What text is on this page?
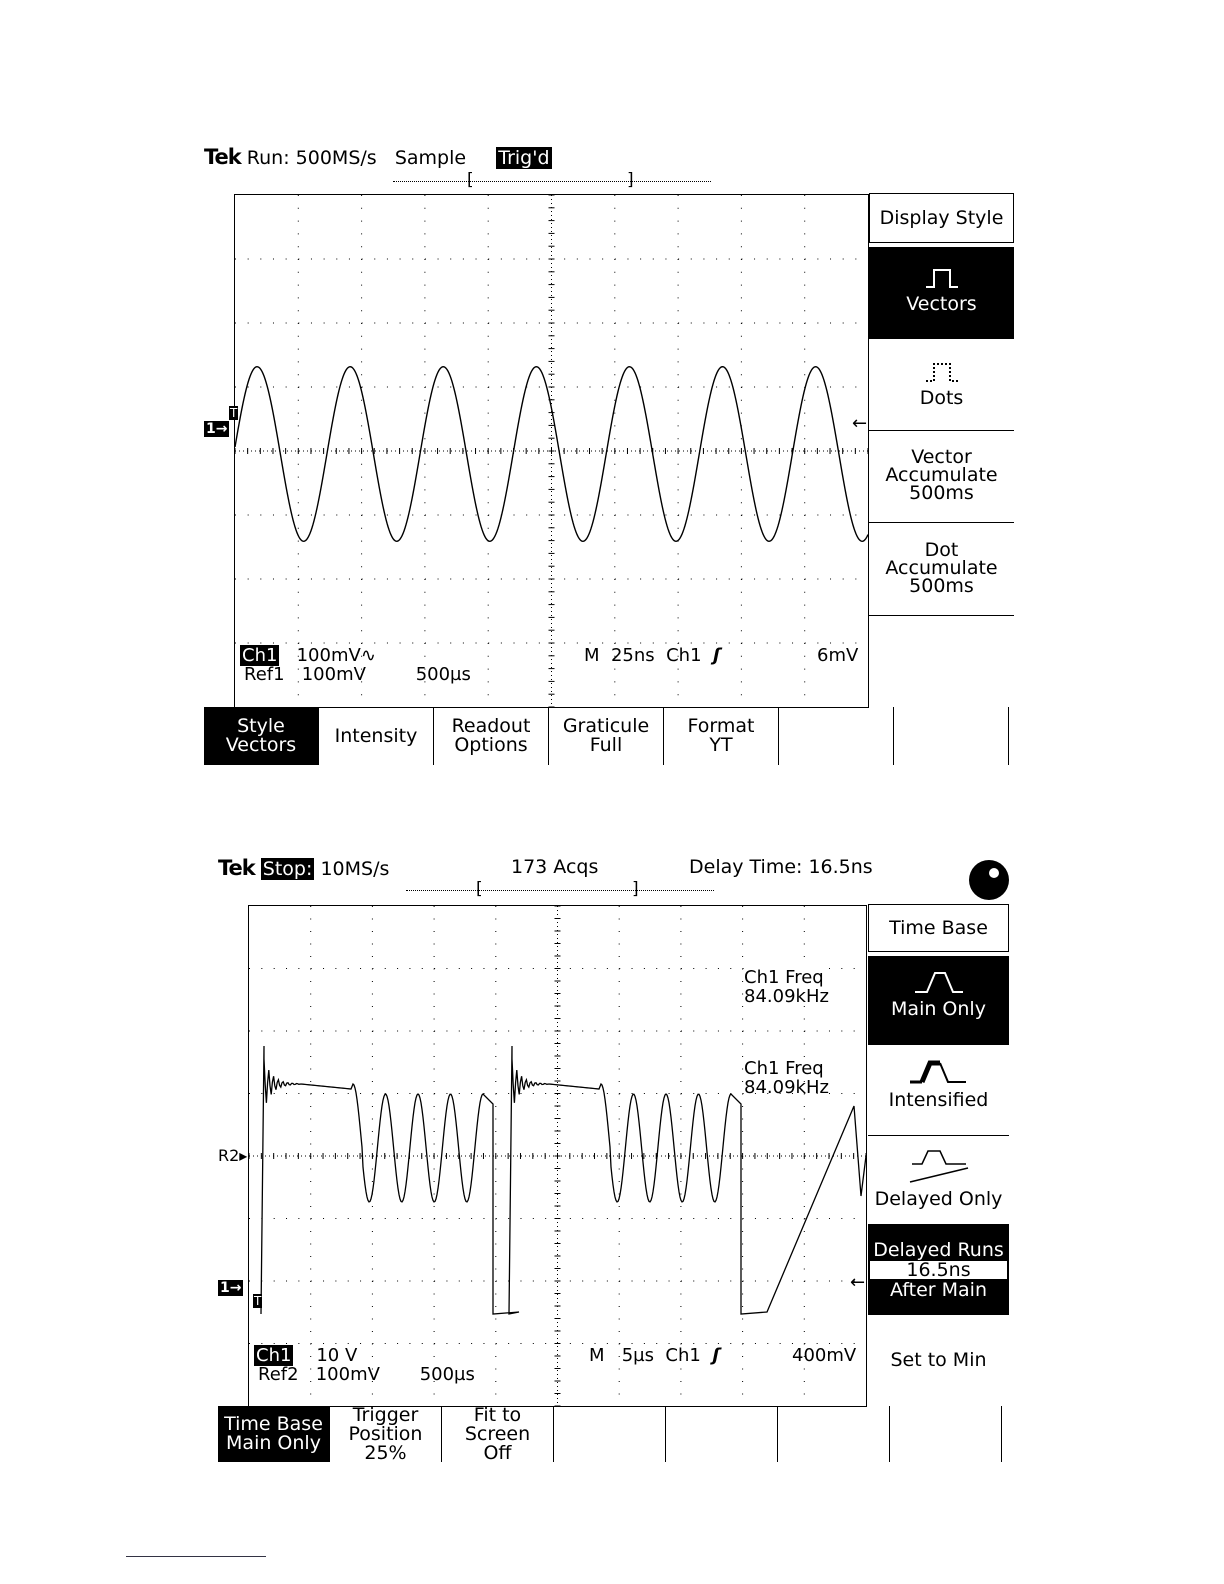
Tek Run: 500MS/s Sample Trig'd
[	]
Ch1 100mV∿
Ref1 100mV	500µs
M  25ns  Ch1 ʃ	6mV
1→
T	←
Display Style
Vectors
Dots
Vector
Accumulate
500ms
Dot
Accumulate
500ms
Style
Vectors Intensity Readout
Options
Graticule
Full
Format
YT
Tek Stop: 10MS/s	173 Acqs	Delay Time: 16.5ns
[	]
Ch1 Freq
84.09kHz
Ch1 Freq
84.09kHz
Ch1 10 V
Ref2 100mV 500µs
M   5µs  Ch1 ʃ	400mV
R2▸
1→
T
←
Time Base
Main Only
Intensified
Delayed Only
Delayed Runs
16.5ns
After Main
Set to Min
Time Base
Main Only
Trigger
Position
25%
Fit to
Screen
Off
